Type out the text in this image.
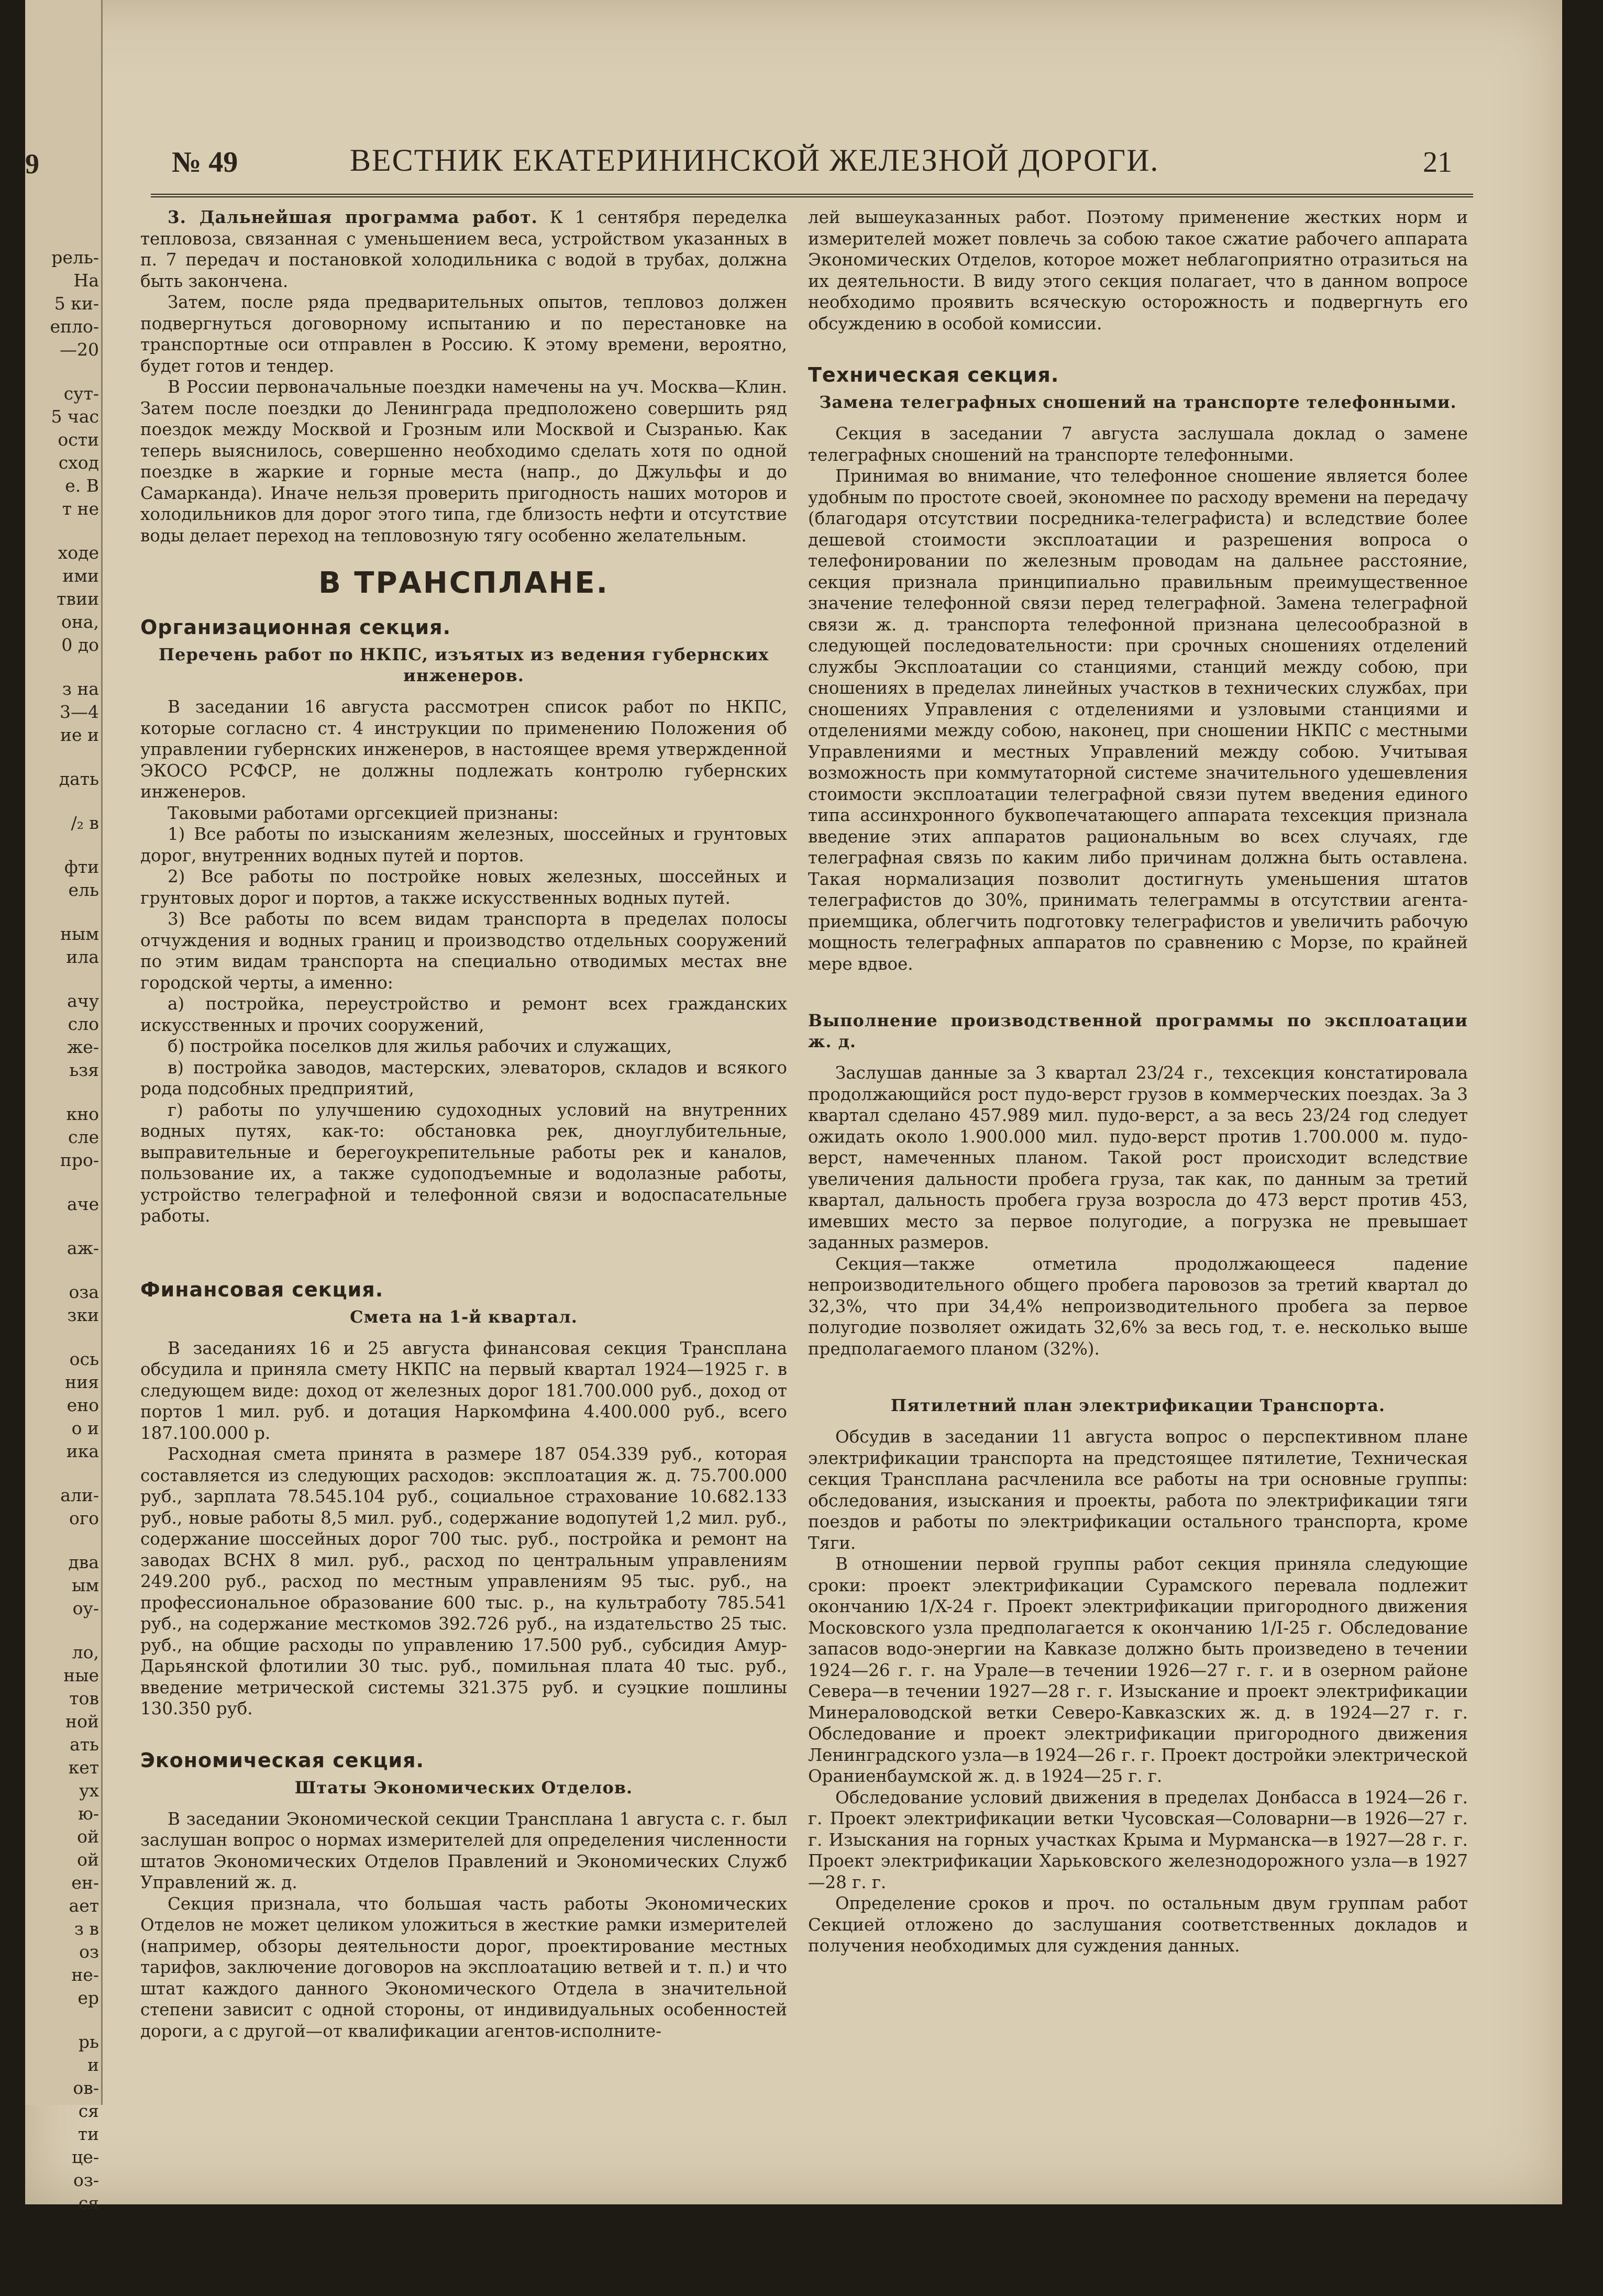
9
рель-
На
5 ки-
епло-
—20
сут-
5 час
ости
сход
е. В
т не
ходе
ими
твии
она,
0 до
з на
3—4
ие и
дать
/₂ в
фти
ель
ным
ила
ачу
сло
же-
ьзя
кно
сле
про-
аче
аж-
оза
зки
ось
ния
ено
о и
ика
али-
ого
два
ым
оу-
ло,
ные
тов
ной
ать
кет
ух
ю-
ой
ой
ен-
ает
з в
оз
не-
ер
рь
и
ов-
ся
ти
це-
оз-
ся
№ 49	ВЕСТНИК ЕКАТЕРИНИНСКОЙ ЖЕЛЕЗНОЙ ДОРОГИ.	21

3. Дальнейшая программа работ. К 1 сентября переделка тепловоза, связанная с уменьшением веса, устройством указанных в п. 7 передач и постановкой холодильника с водой в трубах, должна быть закончена.

Затем, после ряда предварительных опытов, тепловоз должен подвергнуться договорному испытанию и по перестановке на транспортные оси отправлен в Россию. К этому времени, вероятно, будет готов и тендер.

В России первоначальные поездки намечены на уч. Москва—Клин. Затем после поездки до Ленинграда предположено совершить ряд поездок между Москвой и Грозным или Москвой и Сызранью. Как теперь выяснилось, совершенно необходимо сделать хотя по одной поездке в жаркие и горные места (напр., до Джульфы и до Самарканда). Иначе нельзя проверить пригодность наших моторов и холодильников для дорог этого типа, где близость нефти и отсутствие воды делает переход на тепловозную тягу особенно желательным.

В ТРАНСПЛАНЕ.
Организационная секция.
Перечень работ по НКПС, изъятых из ведения губернских инженеров.

В заседании 16 августа рассмотрен список работ по НКПС, которые согласно ст. 4 инструкции по применению Положения об управлении губернских инженеров, в настоящее время утвержденной ЭКОСО РСФСР, не должны подлежать контролю губернских инженеров.

Таковыми работами оргсекцией признаны:

1) Все работы по изысканиям железных, шоссейных и грунтовых дорог, внутренних водных путей и портов.

2) Все работы по постройке новых железных, шоссейных и грунтовых дорог и портов, а также искусственных водных путей.

3) Все работы по всем видам транспорта в пределах полосы отчуждения и водных границ и производство отдельных сооружений по этим видам транспорта на специально отводимых местах вне городской черты, а именно:

а) постройка, переустройство и ремонт всех гражданских искусственных и прочих сооружений,

б) постройка поселков для жилья рабочих и служащих,

в) постройка заводов, мастерских, элеваторов, складов и всякого рода подсобных предприятий,

г) работы по улучшению судоходных условий на внутренних водных путях, как-то: обстановка рек, дноуглубительные, выправительные и берегоукрепительные работы рек и каналов, пользование их, а также судоподъемные и водолазные работы, устройство телеграфной и телефонной связи и водоспасательные работы.

Финансовая секция.
Смета на 1-й квартал.

В заседаниях 16 и 25 августа финансовая секция Трансплана обсудила и приняла смету НКПС на первый квартал 1924—1925 г. в следующем виде: доход от железных дорог 181.700.000 руб., доход от портов 1 мил. руб. и дотация Наркомфина 4.400.000 руб., всего 187.100.000 р.

Расходная смета принята в размере 187 054.339 руб., которая составляется из следующих расходов: эксплоатация ж. д. 75.700.000 руб., зарплата 78.545.104 руб., социальное страхование 10.682.133 руб., новые работы 8,5 мил. руб., содержание водопутей 1,2 мил. руб., содержание шоссейных дорог 700 тыс. руб., постройка и ремонт на заводах ВСНХ 8 мил. руб., расход по центральным управлениям 249.200 руб., расход по местным управлениям 95 тыс. руб., на профессиональное образование 600 тыс. р., на культработу 785.541 руб., на содержание месткомов 392.726 руб., на издательство 25 тыс. руб., на общие расходы по управлению 17.500 руб., субсидия Амур-Дарьянской флотилии 30 тыс. руб., помильная плата 40 тыс. руб., введение метрической системы 321.375 руб. и суэцкие пошлины 130.350 руб.

Экономическая секция.
Штаты Экономических Отделов.

В заседании Экономической секции Трансплана 1 августа с. г. был заслушан вопрос о нормах измерителей для определения численности штатов Экономических Отделов Правлений и Экономических Служб Управлений ж. д.

Секция признала, что большая часть работы Экономических Отделов не может целиком уложиться в жесткие рамки измерителей (например, обзоры деятельности дорог, проектирование местных тарифов, заключение договоров на эксплоатацию ветвей и т. п.) и что штат каждого данного Экономического Отдела в значительной степени зависит с одной стороны, от индивидуальных особенностей дороги, а с другой—от квалификации агентов-исполните-

лей вышеуказанных работ. Поэтому применение жестких норм и измерителей может повлечь за собою такое сжатие рабочего аппарата Экономических Отделов, которое может неблагоприятно отразиться на их деятельности. В виду этого секция полагает, что в данном вопросе необходимо проявить всяческую осторожность и подвергнуть его обсуждению в особой комиссии.

Техническая секция.
Замена телеграфных сношений на транспорте телефонными.

Секция в заседании 7 августа заслушала доклад о замене телеграфных сношений на транспорте телефонными.

Принимая во внимание, что телефонное сношение является более удобным по простоте своей, экономнее по расходу времени на передачу (благодаря отсутствии посредника-телеграфиста) и вследствие более дешевой стоимости эксплоатации и разрешения вопроса о телефонировании по железным проводам на дальнее расстояние, секция признала принципиально правильным преимущественное значение телефонной связи перед телеграфной. Замена телеграфной связи ж. д. транспорта телефонной признана целесообразной в следующей последовательности: при срочных сношениях отделений службы Эксплоатации со станциями, станций между собою, при сношениях в пределах линейных участков в технических службах, при сношениях Управления с отделениями и узловыми станциями и отделениями между собою, наконец, при сношении НКПС с местными Управлениями и местных Управлений между собою. Учитывая возможность при коммутаторной системе значительного удешевления стоимости эксплоатации телеграфной связи путем введения единого типа ассинхронного буквопечатающего аппарата техсекция признала введение этих аппаратов рациональным во всех случаях, где телеграфная связь по каким либо причинам должна быть оставлена. Такая нормализация позволит достигнуть уменьшения штатов телеграфистов до 30%, принимать телеграммы в отсутствии агента-приемщика, облегчить подготовку телеграфистов и увеличить рабочую мощность телеграфных аппаратов по сравнению с Морзе, по крайней мере вдвое.

Выполнение производственной программы по эксплоатации ж. д.

Заслушав данные за 3 квартал 23/24 г., техсекция констатировала продолжающийся рост пудо-верст грузов в коммерческих поездах. За 3 квартал сделано 457.989 мил. пудо-верст, а за весь 23/24 год следует ожидать около 1.900.000 мил. пудо-верст против 1.700.000 м. пудо-верст, намеченных планом. Такой рост происходит вследствие увеличения дальности пробега груза, так как, по данным за третий квартал, дальность пробега груза возросла до 473 верст против 453, имевших место за первое полугодие, а погрузка не превышает заданных размеров.

Секция—также отметила продолжающееся падение непроизводительного общего пробега паровозов за третий квартал до 32,3%, что при 34,4% непроизводительного пробега за первое полугодие позволяет ожидать 32,6% за весь год, т. е. несколько выше предполагаемого планом (32%).

Пятилетний план электрификации Транспорта.

Обсудив в заседании 11 августа вопрос о перспективном плане электрификации транспорта на предстоящее пятилетие, Техническая секция Трансплана расчленила все работы на три основные группы: обследования, изыскания и проекты, работа по электрификации тяги поездов и работы по электрификации остального транспорта, кроме Тяги.

В отношении первой группы работ секция приняла следующие сроки: проект электрификации Сурамского перевала подлежит окончанию 1/X-24 г. Проект электрификации пригородного движения Московского узла предполагается к окончанию 1/I-25 г. Обследование запасов водо-энергии на Кавказе должно быть произведено в течении 1924—26 г. г. на Урале—в течении 1926—27 г. г. и в озерном районе Севера—в течении 1927—28 г. г. Изыскание и проект электрификации Минераловодской ветки Северо-Кавказских ж. д. в 1924—27 г. г. Обследование и проект электрификации пригородного движения Ленинградского узла—в 1924—26 г. г. Проект достройки электрической Ораниенбаумской ж. д. в 1924—25 г. г.

Обследование условий движения в пределах Донбасса в 1924—26 г. г. Проект электрификации ветки Чусовская—Соловарни—в 1926—27 г. г. Изыскания на горных участках Крыма и Мурманска—в 1927—28 г. г. Проект электрификации Харьковского железнодорожного узла—в 1927—28 г. г.

Определение сроков и проч. по остальным двум группам работ Секцией отложено до заслушания соответственных докладов и получения необходимых для суждения данных.
